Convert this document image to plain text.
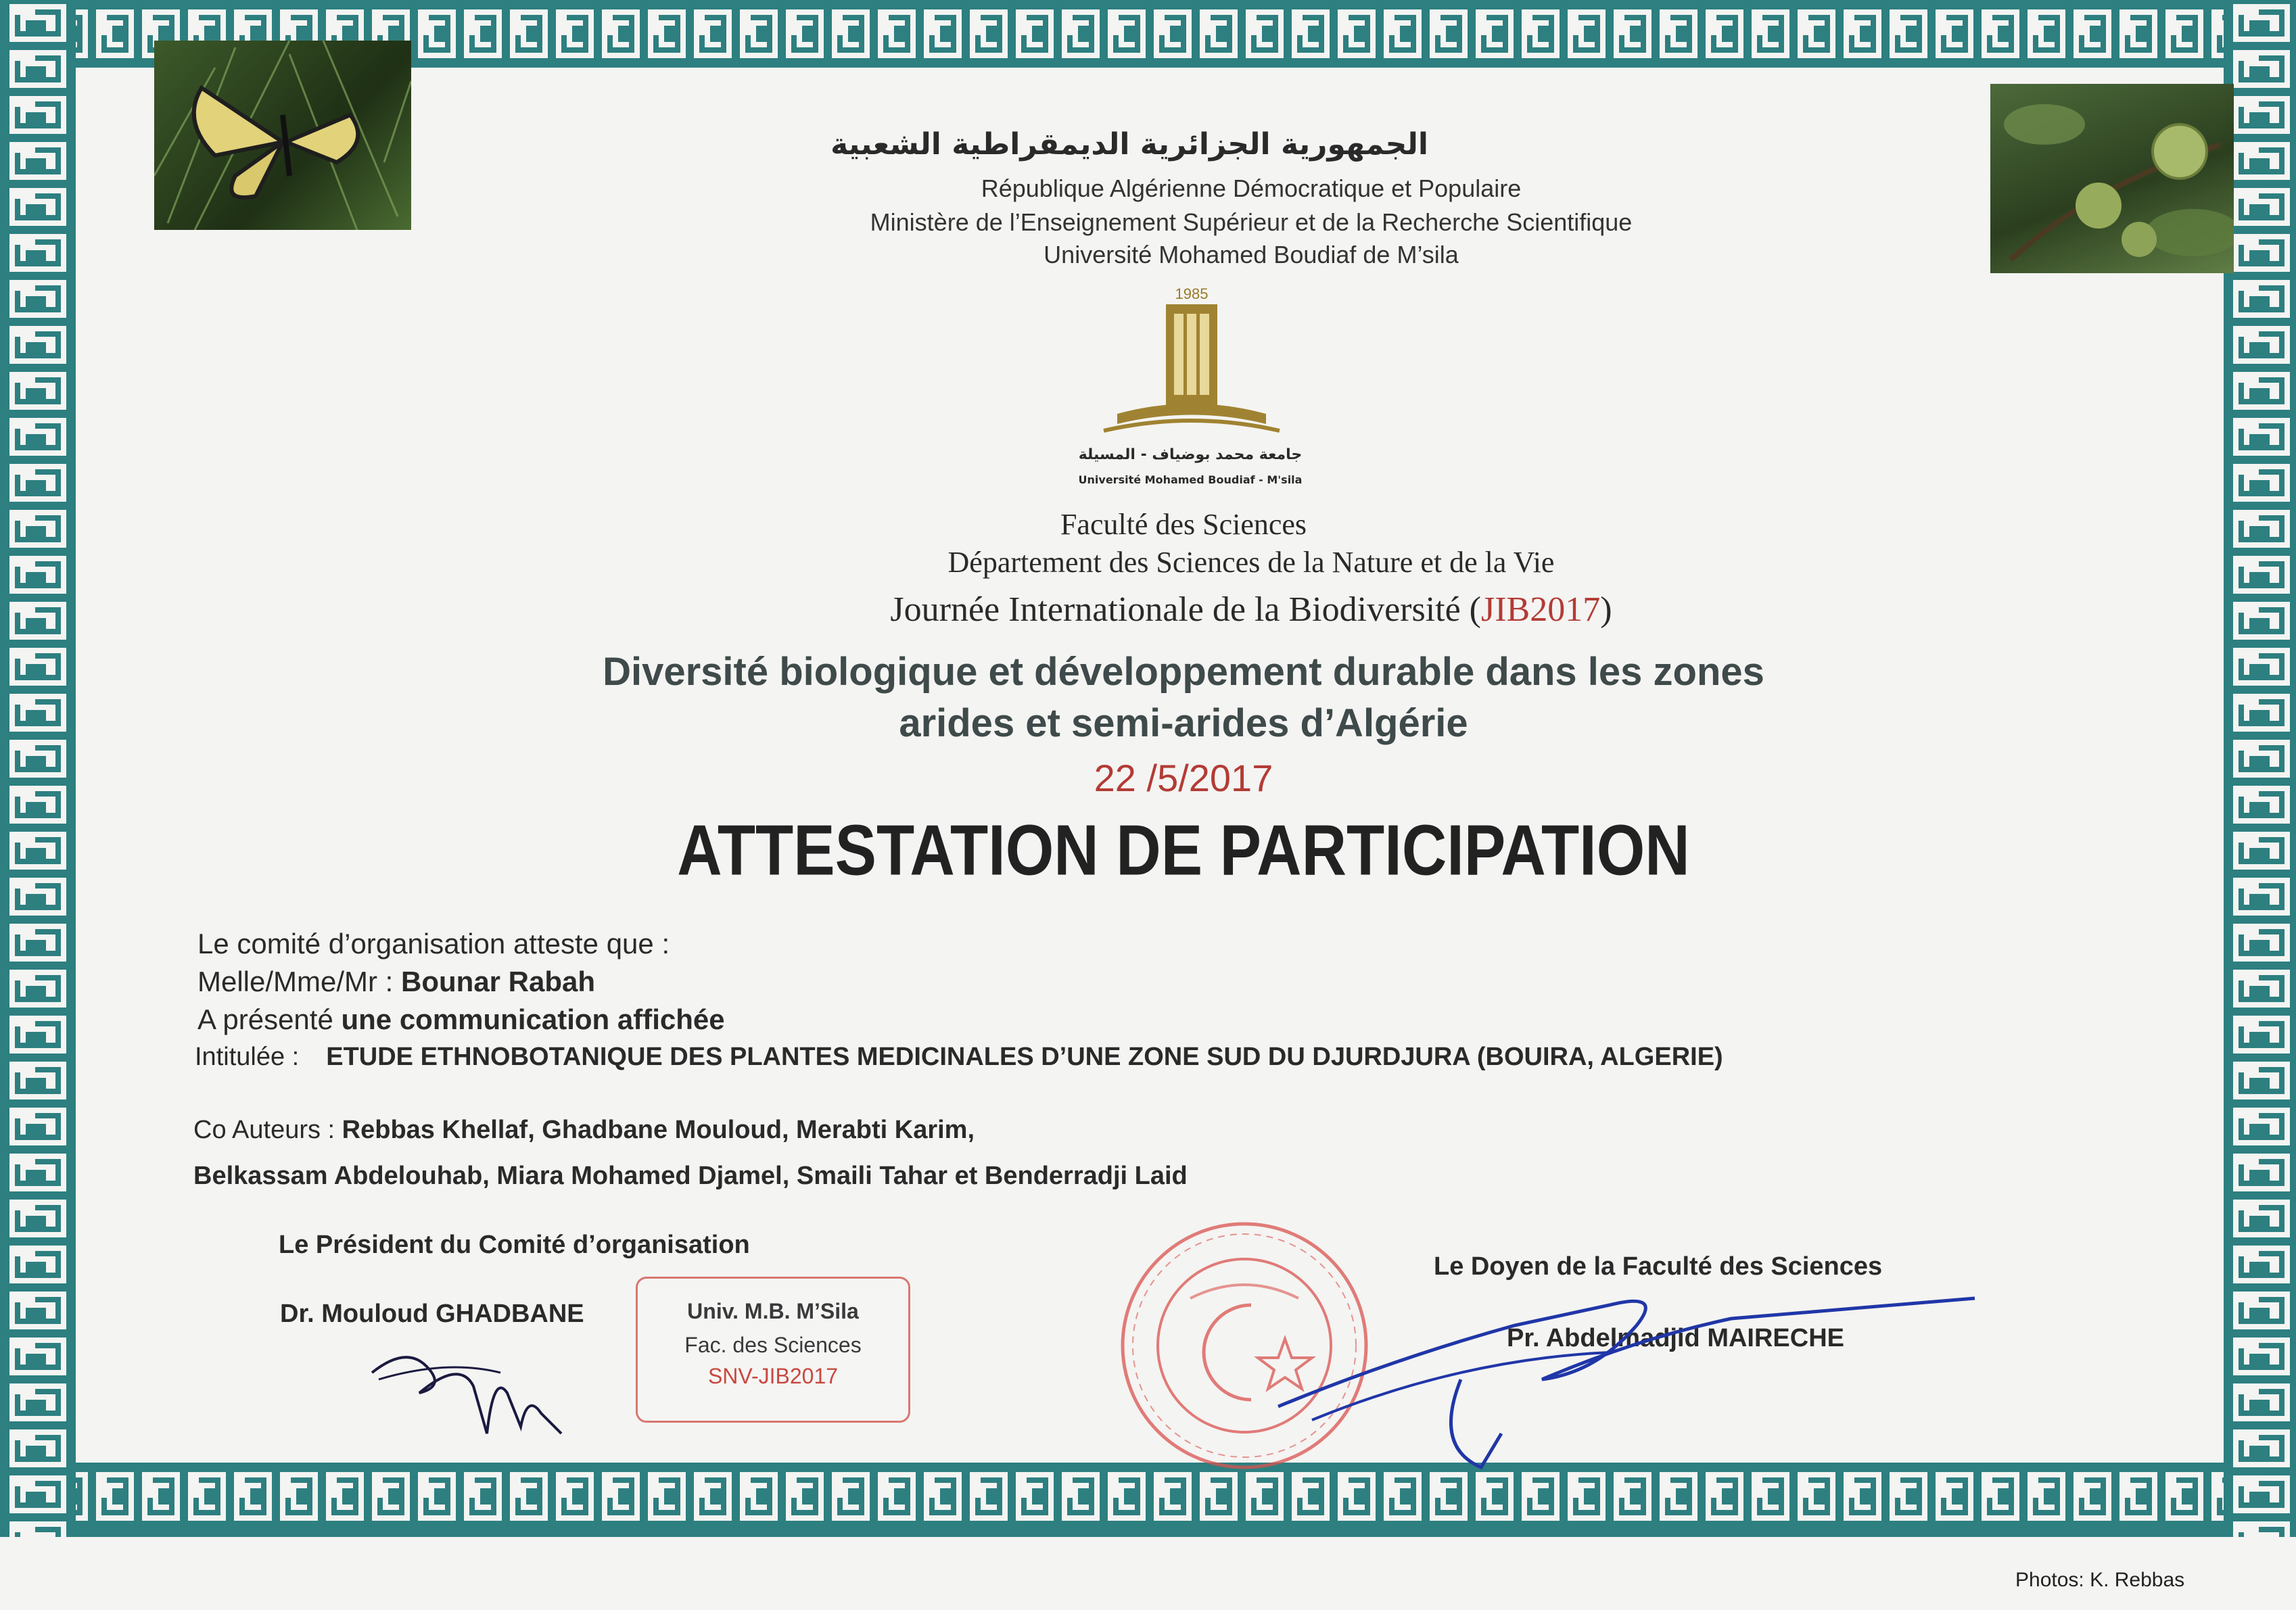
الجمهورية الجزائرية الديمقراطية الشعبية
République Algérienne Démocratique et Populaire
Ministère de l’Enseignement Supérieur et de la Recherche Scientifique
Université Mohamed Boudiaf de M’sila
1985
جامعة محمد بوضياف - المسيلة
Université Mohamed Boudiaf - M'sila
Faculté des Sciences
Département des Sciences de la Nature et de la Vie
Journée Internationale de la Biodiversité (JIB2017)
Diversité biologique et développement durable dans les zones
arides et semi-arides d’Algérie
22 /5/2017
ATTESTATION DE PARTICIPATION
Le comité d’organisation atteste que :
Melle/Mme/Mr : Bounar Rabah
A présenté une communication affichée
Intitulée : ETUDE ETHNOBOTANIQUE DES PLANTES MEDICINALES D’UNE ZONE SUD DU DJURDJURA (BOUIRA, ALGERIE)
Co Auteurs : Rebbas Khellaf, Ghadbane Mouloud, Merabti Karim,
Belkassam Abdelouhab, Miara Mohamed Djamel, Smaili Tahar et Benderradji Laid
Le Président du Comité d’organisation
Dr. Mouloud GHADBANE
Le Doyen de la Faculté des Sciences
Pr. Abdelmadjid MAIRECHE
Univ. M.B. M’Sila
Fac. des Sciences
SNV-JIB2017
Photos: K. Rebbas
